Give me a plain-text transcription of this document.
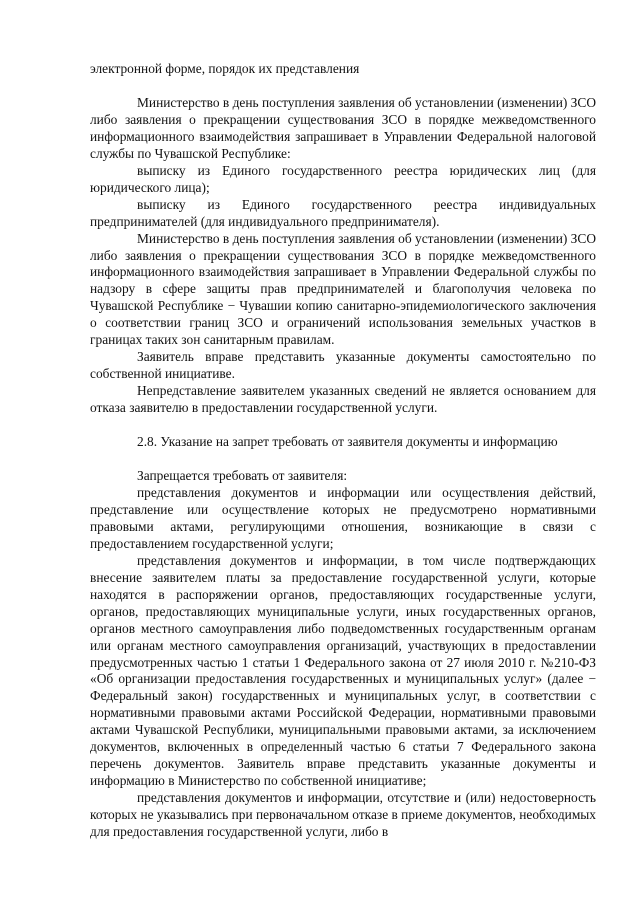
электронной форме, порядок их представления

Министерство в день поступления заявления об установлении (изменении) ЗСО либо заявления о прекращении существования ЗСО в порядке межведомственного информационного взаимодействия запрашивает в Управлении Федеральной налоговой службы по Чувашской Республике:

выписку из Единого государственного реестра юридических лиц (для юридического лица);

выписку из Единого государственного реестра индивидуальных предпринимателей (для индивидуального предпринимателя).

Министерство в день поступления заявления об установлении (изменении) ЗСО либо заявления о прекращении существования ЗСО в порядке межведомственного информационного взаимодействия запрашивает в Управлении Федеральной службы по надзору в сфере защиты прав предпринимателей и благополучия человека по Чувашской Республике − Чувашии копию санитарно-эпидемиологического заключения о соответствии границ ЗСО и ограничений использования земельных участков в границах таких зон санитарным правилам.

Заявитель вправе представить указанные документы самостоятельно по собственной инициативе.

Непредставление заявителем указанных сведений не является основанием для отказа заявителю в предоставлении государственной услуги.

2.8. Указание на запрет требовать от заявителя документы и информацию

Запрещается требовать от заявителя:

представления документов и информации или осуществления действий, представление или осуществление которых не предусмотрено нормативными правовыми актами, регулирующими отношения, возникающие в связи с предоставлением государственной услуги;

представления документов и информации, в том числе подтверждающих внесение заявителем платы за предоставление государственной услуги, которые находятся в распоряжении органов, предоставляющих государственные услуги, органов, предоставляющих муниципальные услуги, иных государственных органов, органов местного самоуправления либо подведомственных государственным органам или органам местного самоуправления организаций, участвующих в предоставлении предусмотренных частью 1 статьи 1 Федерального закона от 27 июля 2010 г. №210-ФЗ «Об организации предоставления государственных и муниципальных услуг» (далее − Федеральный закон) государственных и муниципальных услуг, в соответствии с нормативными правовыми актами Российской Федерации, нормативными правовыми актами Чувашской Республики, муниципальными правовыми актами, за исключением документов, включенных в определенный частью 6 статьи 7 Федерального закона перечень документов. Заявитель вправе представить указанные документы и информацию в Министерство по собственной инициативе;

представления документов и информации, отсутствие и (или) недостоверность которых не указывались при первоначальном отказе в приеме документов, необходимых для предоставления государственной услуги, либо в
